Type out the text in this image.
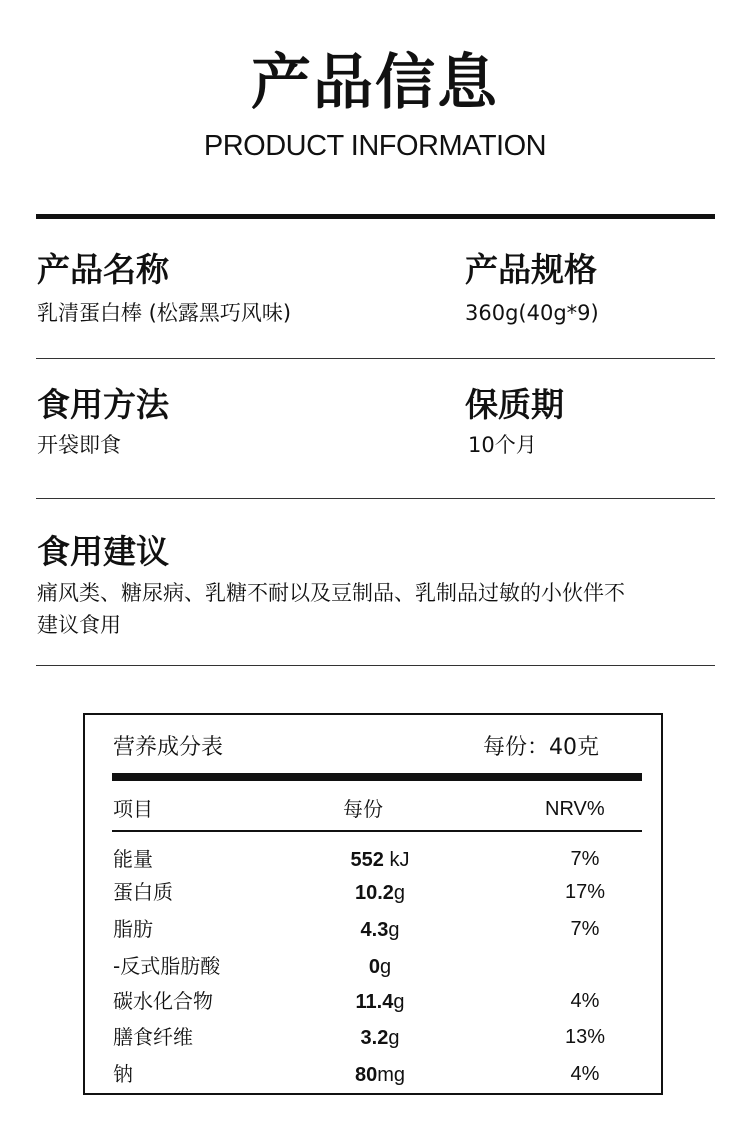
产品信息
PRODUCT INFORMATION
产品名称
乳清蛋白棒 (松露黑巧风味)
产品规格
360g(40g*9)
食用方法
开袋即食
保质期
10个月
食用建议
痛风类、糖尿病、乳糖不耐以及豆制品、乳制品过敏的小伙伴不
建议食用
营养成分表	每份：40克
项目	每份	NRV%
能量	552 kJ	7%
蛋白质	10.2g	17%
脂肪	4.3g	7%
-反式脂肪酸	0g
碳水化合物	11.4g	4%
膳食纤维	3.2g	13%
钠	80mg	4%
